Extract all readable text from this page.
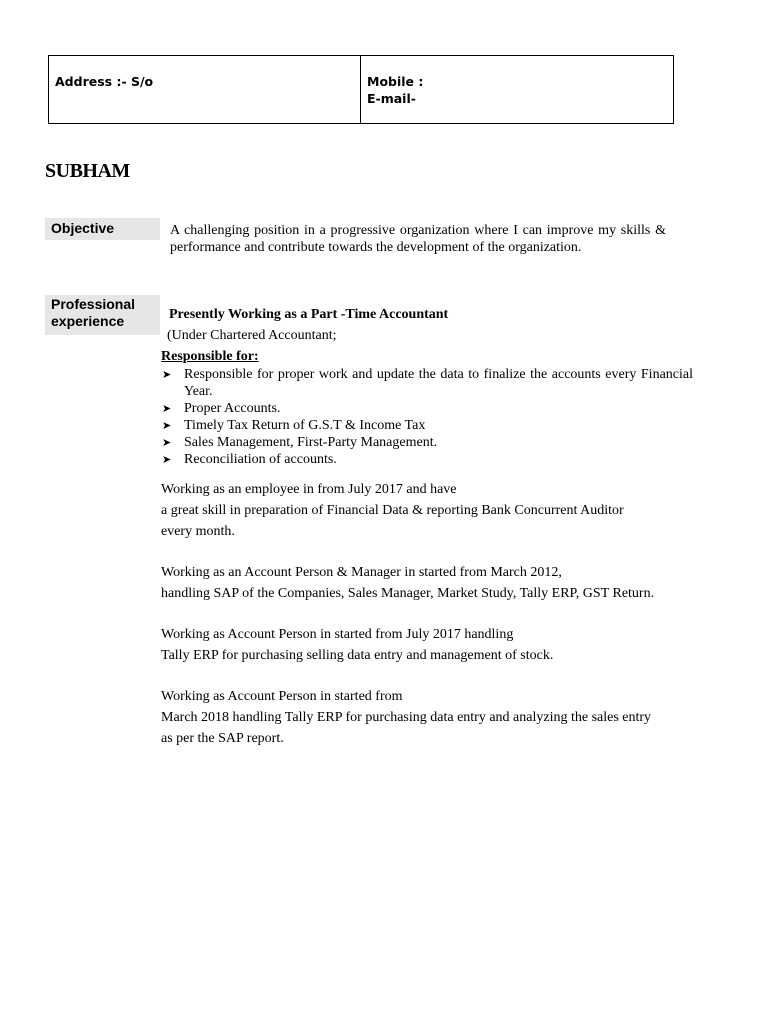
Address :- S/o	Mobile :
E-mail-
SUBHAM
Objective	A challenging position in a progressive organization where I can improve my skills & performance and contribute towards the development of the organization.
Professional
experience	Presently Working as a Part -Time Accountant
(Under Chartered Accountant;
Responsible for:
➤ Responsible for proper work and update the data to finalize the accounts every Financial Year.
➤ Proper Accounts.
➤ Timely Tax Return of G.S.T & Income Tax
➤ Sales Management, First-Party Management.
➤ Reconciliation of accounts.
Working as an employee in from July 2017 and have
a great skill in preparation of Financial Data & reporting Bank Concurrent Auditor
every month.
Working as an Account Person & Manager in started from March 2012,
handling SAP of the Companies, Sales Manager, Market Study, Tally ERP, GST Return.
Working as Account Person in started from July 2017 handling
Tally ERP for purchasing selling data entry and management of stock.
Working as Account Person in started from
March 2018 handling Tally ERP for purchasing data entry and analyzing the sales entry
as per the SAP report.
